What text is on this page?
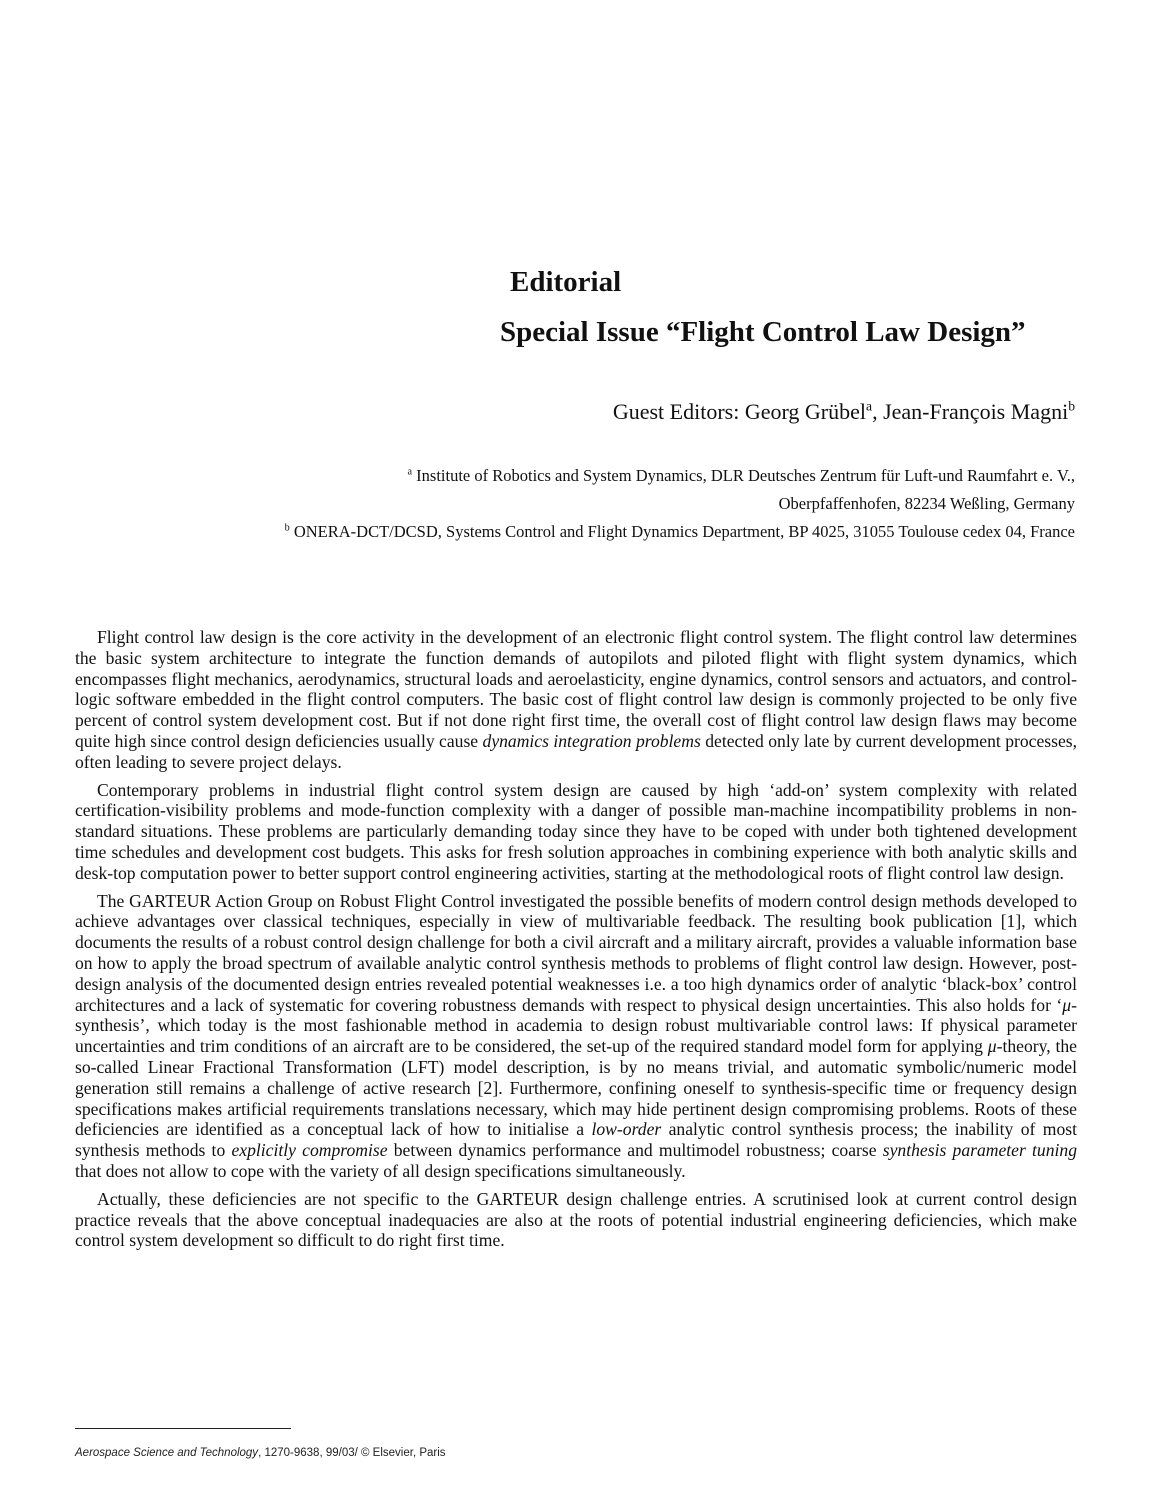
Editorial
Special Issue “Flight Control Law Design”
Guest Editors: Georg Grübel$^a$, Jean-François Magni$^b$
$^a$ Institute of Robotics and System Dynamics, DLR Deutsches Zentrum für Luft-und Raumfahrt e. V.,
Oberpfaffenhofen, 82234 Weßling, Germany
$^b$ ONERA-DCT/DCSD, Systems Control and Flight Dynamics Department, BP 4025, 31055 Toulouse cedex 04, France

Flight control law design is the core activity in the development of an electronic flight control system. The flight control law determines the basic system architecture to integrate the function demands of autopilots and piloted flight with flight system dynamics, which encompasses flight mechanics, aerodynamics, structural loads and aeroelasticity, engine dynamics, control sensors and actuators, and control-logic software embedded in the flight control computers. The basic cost of flight control law design is commonly projected to be only five percent of control system development cost. But if not done right first time, the overall cost of flight control law design flaws may become quite high since control design deficiencies usually cause dynamics integration problems detected only late by current development processes, often leading to severe project delays.

Contemporary problems in industrial flight control system design are caused by high ‘add-on’ system complexity with related certification-visibility problems and mode-function complexity with a danger of possible man-machine incompatibility problems in non-standard situations. These problems are particularly demanding today since they have to be coped with under both tightened development time schedules and development cost budgets. This asks for fresh solution approaches in combining experience with both analytic skills and desk-top computation power to better support control engineering activities, starting at the methodological roots of flight control law design.

The GARTEUR Action Group on Robust Flight Control investigated the possible benefits of modern control design methods developed to achieve advantages over classical techniques, especially in view of multivariable feedback. The resulting book publication [1], which documents the results of a robust control design challenge for both a civil aircraft and a military aircraft, provides a valuable information base on how to apply the broad spectrum of available analytic control synthesis methods to problems of flight control law design. However, post-design analysis of the documented design entries revealed potential weaknesses i.e. a too high dynamics order of analytic ‘black-box’ control architectures and a lack of systematic for covering robustness demands with respect to physical design uncertainties. This also holds for ‘μ-synthesis’, which today is the most fashionable method in academia to design robust multivariable control laws: If physical parameter uncertainties and trim conditions of an aircraft are to be considered, the set-up of the required standard model form for applying μ-theory, the so-called Linear Fractional Transformation (LFT) model description, is by no means trivial, and automatic symbolic/numeric model generation still remains a challenge of active research [2]. Furthermore, confining oneself to synthesis-specific time or frequency design specifications makes artificial requirements translations necessary, which may hide pertinent design compromising problems. Roots of these deficiencies are identified as a conceptual lack of how to initialise a low-order analytic control synthesis process; the inability of most synthesis methods to explicitly compromise between dynamics performance and multimodel robustness; coarse synthesis parameter tuning that does not allow to cope with the variety of all design specifications simultaneously.

Actually, these deficiencies are not specific to the GARTEUR design challenge entries. A scrutinised look at current control design practice reveals that the above conceptual inadequacies are also at the roots of potential industrial engineering deficiencies, which make control system development so difficult to do right first time.

Aerospace Science and Technology, 1270-9638, 99/03/ © Elsevier, Paris
